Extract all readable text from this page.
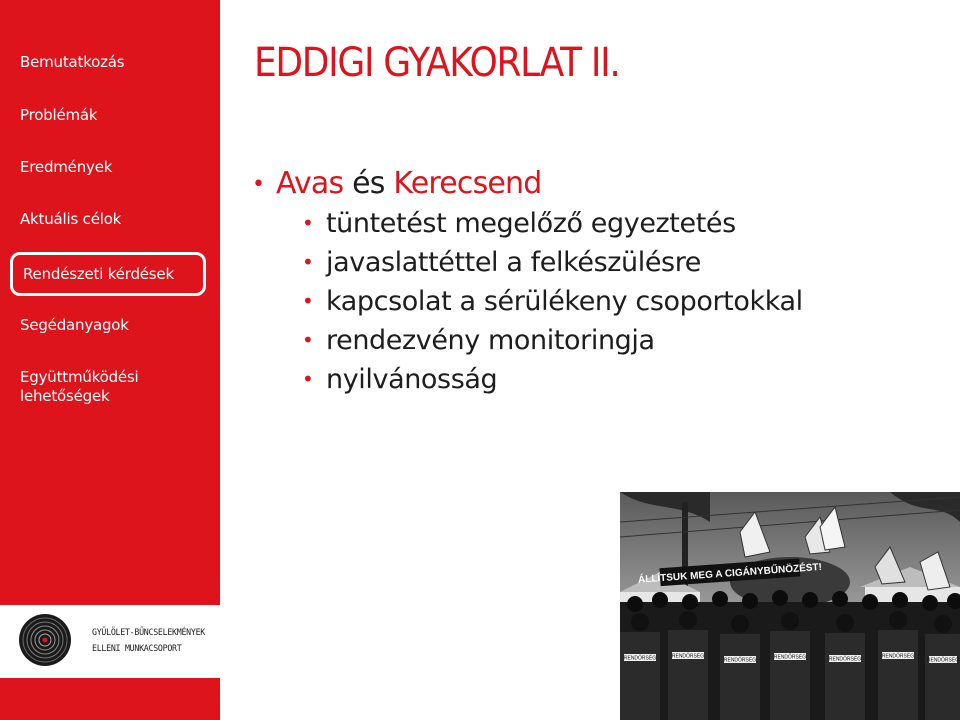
Bemutatkozás
Problémák
Eredmények
Aktuális célok
Rendészeti kérdések
Segédanyagok
Együttműködési lehetőségek
GYŰLÖLET-BŰNCSELEKMÉNYEK
ELLENI MUNKACSOPORT
EDDIGI GYAKORLAT II.
• Avas és Kerecsend
• tüntetést megelőző egyeztetés
• javaslattéttel a felkészülésre
• kapcsolat a sérülékeny csoportokkal
• rendezvény monitoringja
• nyilvánosság
ÁLLÍTSUK MEG A CIGÁNYBŰNÖZÉST!
RENDŐRSÉG	RENDŐRSÉG
RENDŐRSÉG	RENDŐRSÉG	RENDŐRSÉG	RENDŐRSÉG
RENDŐRSÉG
